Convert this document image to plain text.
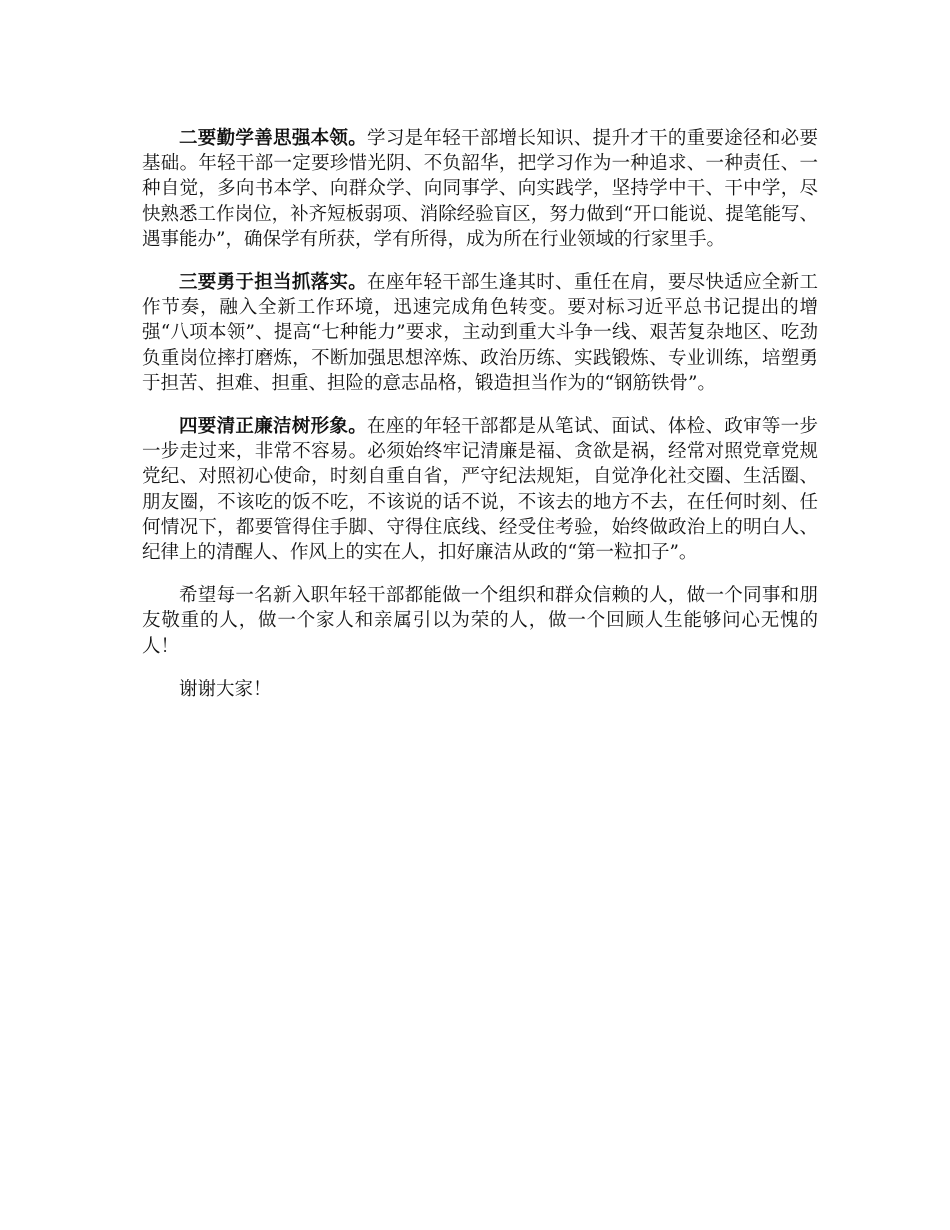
二要勤学善思强本领。学习是年轻干部增长知识、提升才干的重要途径和必要基础。年轻干部一定要珍惜光阴、不负韶华，把学习作为一种追求、一种责任、一种自觉，多向书本学、向群众学、向同事学、向实践学，坚持学中干、干中学，尽快熟悉工作岗位，补齐短板弱项、消除经验盲区，努力做到“开口能说、提笔能写、遇事能办”，确保学有所获，学有所得，成为所在行业领域的行家里手。

三要勇于担当抓落实。在座年轻干部生逢其时、重任在肩，要尽快适应全新工作节奏，融入全新工作环境，迅速完成角色转变。要对标习近平总书记提出的增强“八项本领”、提高“七种能力”要求，主动到重大斗争一线、艰苦复杂地区、吃劲负重岗位摔打磨炼，不断加强思想淬炼、政治历练、实践锻炼、专业训练，培塑勇于担苦、担难、担重、担险的意志品格，锻造担当作为的“钢筋铁骨”。

四要清正廉洁树形象。在座的年轻干部都是从笔试、面试、体检、政审等一步一步走过来，非常不容易。必须始终牢记清廉是福、贪欲是祸，经常对照党章党规党纪、对照初心使命，时刻自重自省，严守纪法规矩，自觉净化社交圈、生活圈、朋友圈，不该吃的饭不吃，不该说的话不说，不该去的地方不去，在任何时刻、任何情况下，都要管得住手脚、守得住底线、经受住考验，始终做政治上的明白人、纪律上的清醒人、作风上的实在人，扣好廉洁从政的“第一粒扣子”。

希望每一名新入职年轻干部都能做一个组织和群众信赖的人，做一个同事和朋友敬重的人，做一个家人和亲属引以为荣的人，做一个回顾人生能够问心无愧的人！

谢谢大家！
